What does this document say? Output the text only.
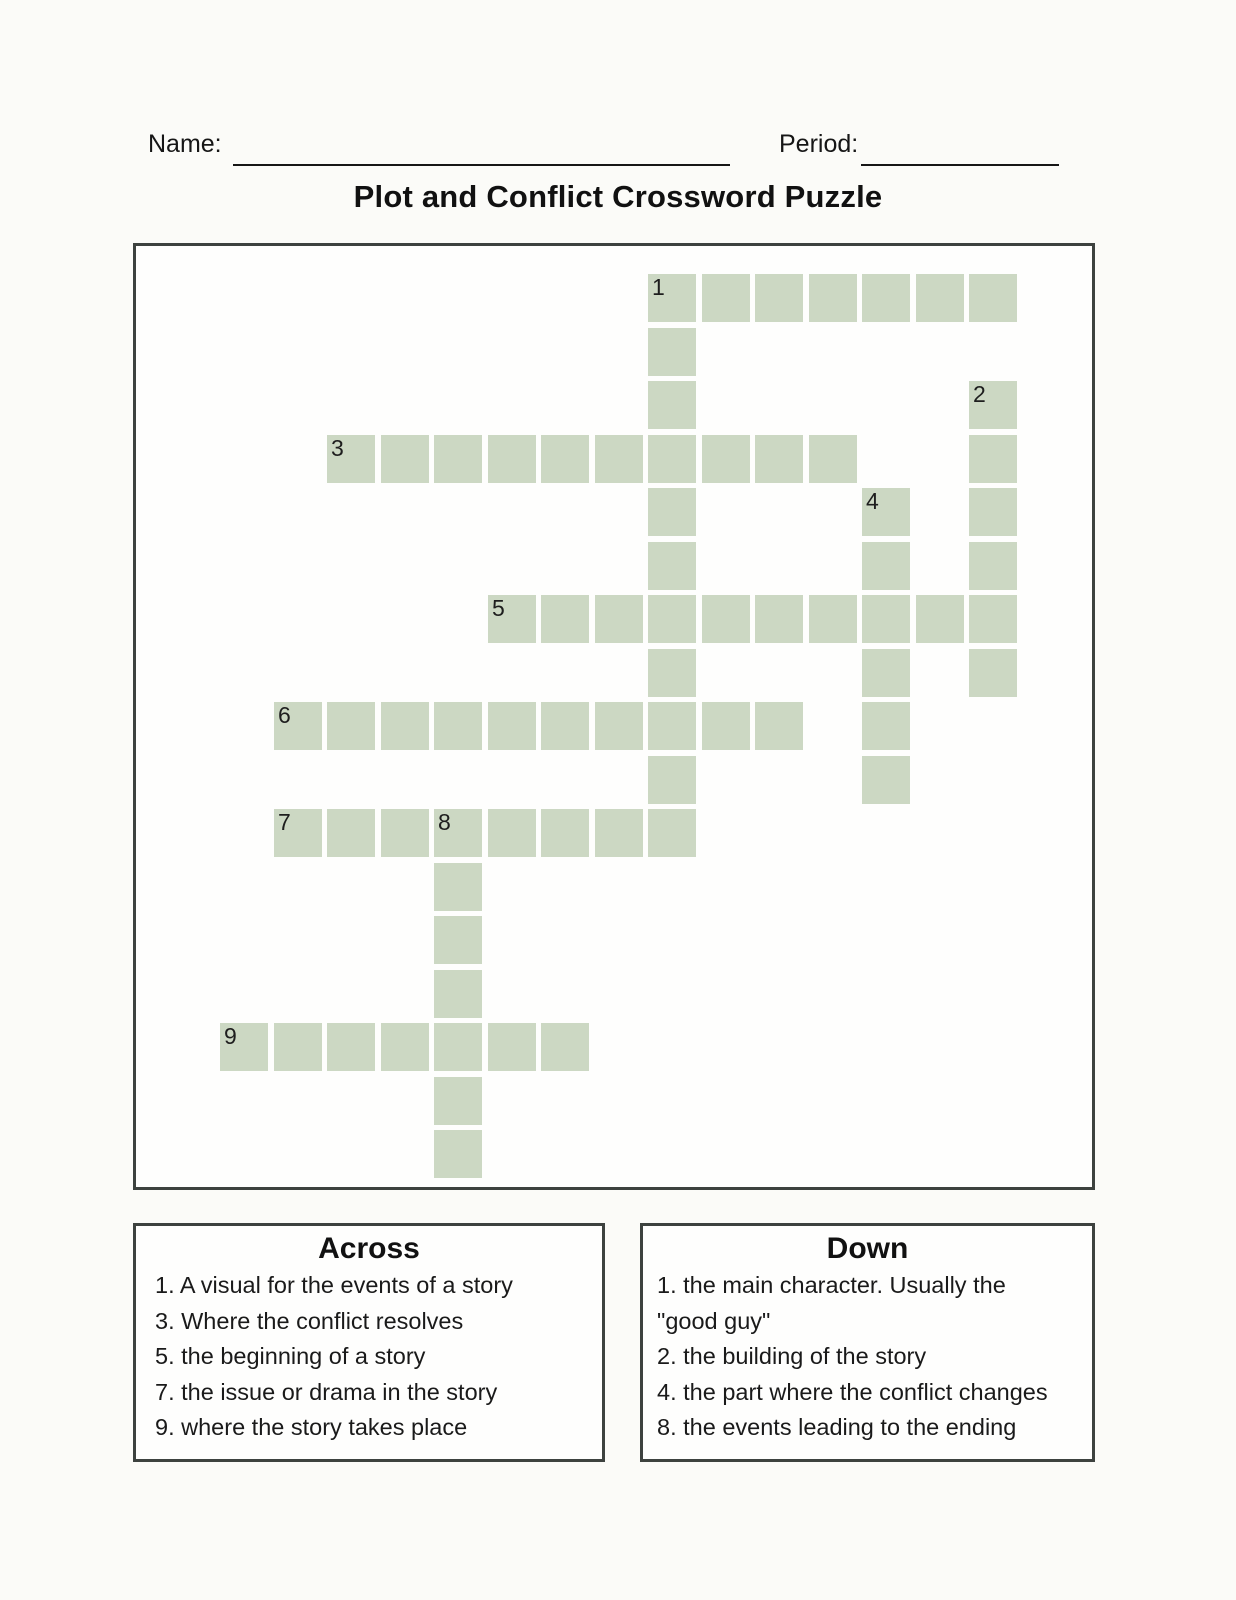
Name:	Period:
Plot and Conflict Crossword Puzzle
1
2
3
4
5
6
7	8
9
Across
1. A visual for the events of a story
3. Where the conflict resolves
5. the beginning of a story
7. the issue or drama in the story
9. where the story takes place
Down
1. the main character. Usually the
"good guy"
2. the building of the story
4. the part where the conflict changes
8. the events leading to the ending
